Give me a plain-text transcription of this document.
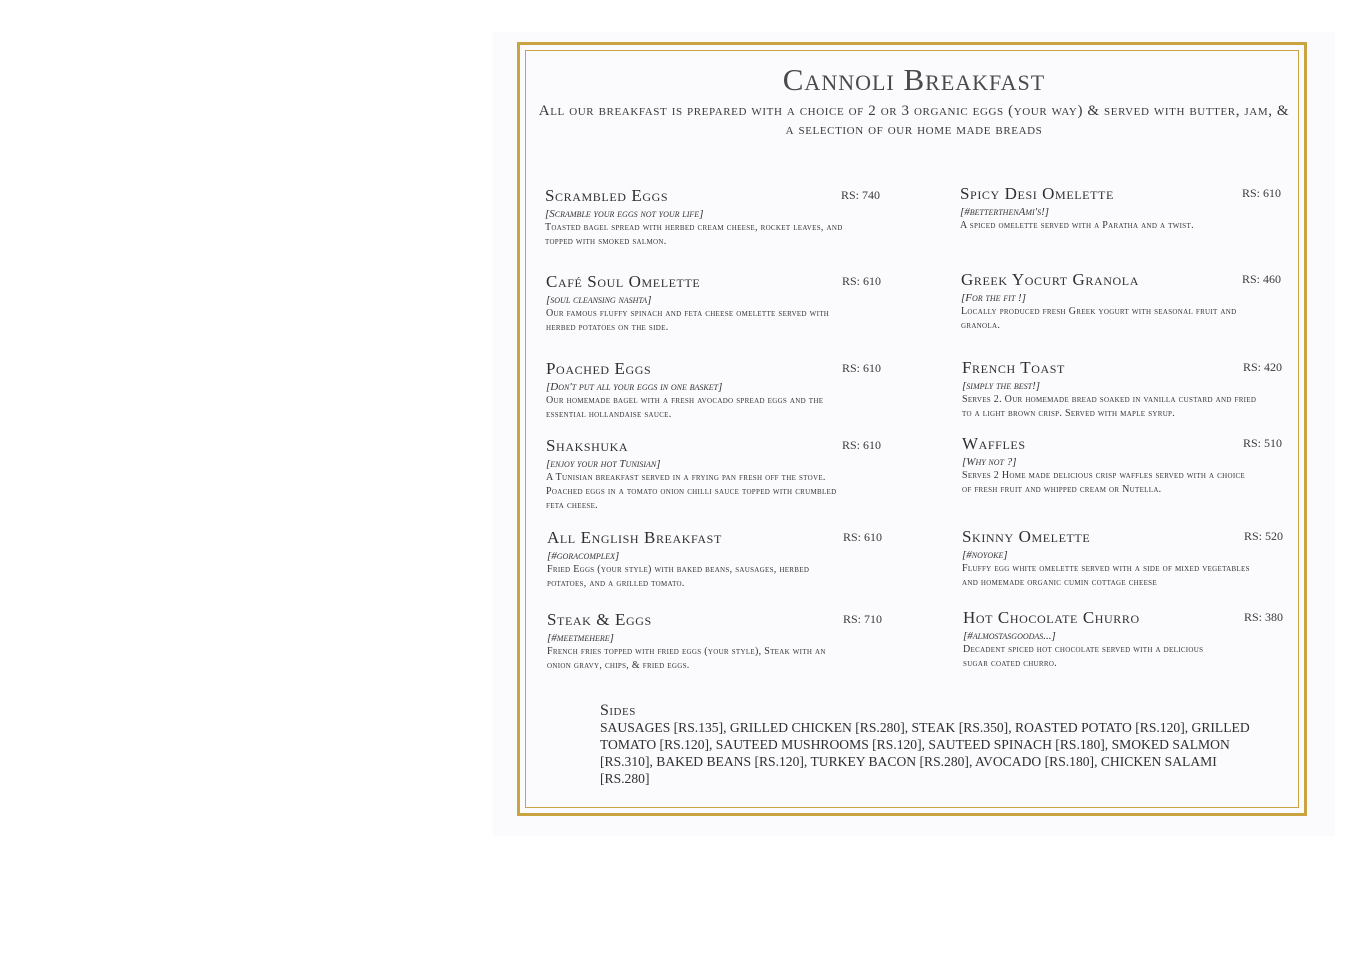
Cannoli Breakfast
All our breakfast is prepared with a choice of 2 or 3 organic eggs (your way) & served with butter, jam, & a selection of our home made breads
Scrambled Eggs	RS: 740
[Scramble your eggs not your life]
Toasted bagel spread with herbed cream cheese, rocket leaves, and topped with smoked salmon.
Café Soul Omelette	RS: 610
[soul cleansing nashta]
Our famous fluffy spinach and feta cheese omelette served with herbed potatoes on the side.
Poached Eggs	RS: 610
[Don't put all your eggs in one basket]
Our homemade bagel with a fresh avocado spread eggs and the essential hollandaise sauce.
Shakshuka	RS: 610
[enjoy your hot Tunisian]
A Tunisian breakfast served in a frying pan fresh off the stove. Poached eggs in a tomato onion chilli sauce topped with crumbled feta cheese.
All English Breakfast	RS: 610
[#goracomplex]
Fried Eggs (your style) with baked beans, sausages, herbed potatoes, and a grilled tomato.
Steak & Eggs	RS: 710
[#meetmehere]
French fries topped with fried eggs (your style), Steak with an onion gravy, chips, & fried eggs.
Spicy Desi Omelette	RS: 610
[#betterthenAmi's!]
A spiced omelette served with a Paratha and a twist.
Greek Yocurt Granola	RS: 460
[For the fit !]
Locally produced fresh Greek yogurt with seasonal fruit and granola.
French Toast	RS: 420
[simply the best!]
Serves 2. Our homemade bread soaked in vanilla custard and fried to a light brown crisp. Served with maple syrup.
Waffles	RS: 510
[Why not ?]
Serves 2 Home made delicious crisp waffles served with a choice of fresh fruit and whipped cream or Nutella.
Skinny Omelette	RS: 520
[#noyoke]
Fluffy egg white omelette served with a side of mixed vegetables and homemade organic cumin cottage cheese
Hot Chocolate Churro	RS: 380
[#almostasgoodas...]
Decadent spiced hot chocolate served with a delicious sugar coated churro.
Sides
SAUSAGES [RS.135], GRILLED CHICKEN [RS.280], STEAK [RS.350], ROASTED POTATO [RS.120], GRILLED TOMATO [RS.120], SAUTEED MUSHROOMS [RS.120], SAUTEED SPINACH [RS.180], SMOKED SALMON [RS.310], BAKED BEANS [RS.120], TURKEY BACON [RS.280], AVOCADO [RS.180], CHICKEN SALAMI [RS.280]
